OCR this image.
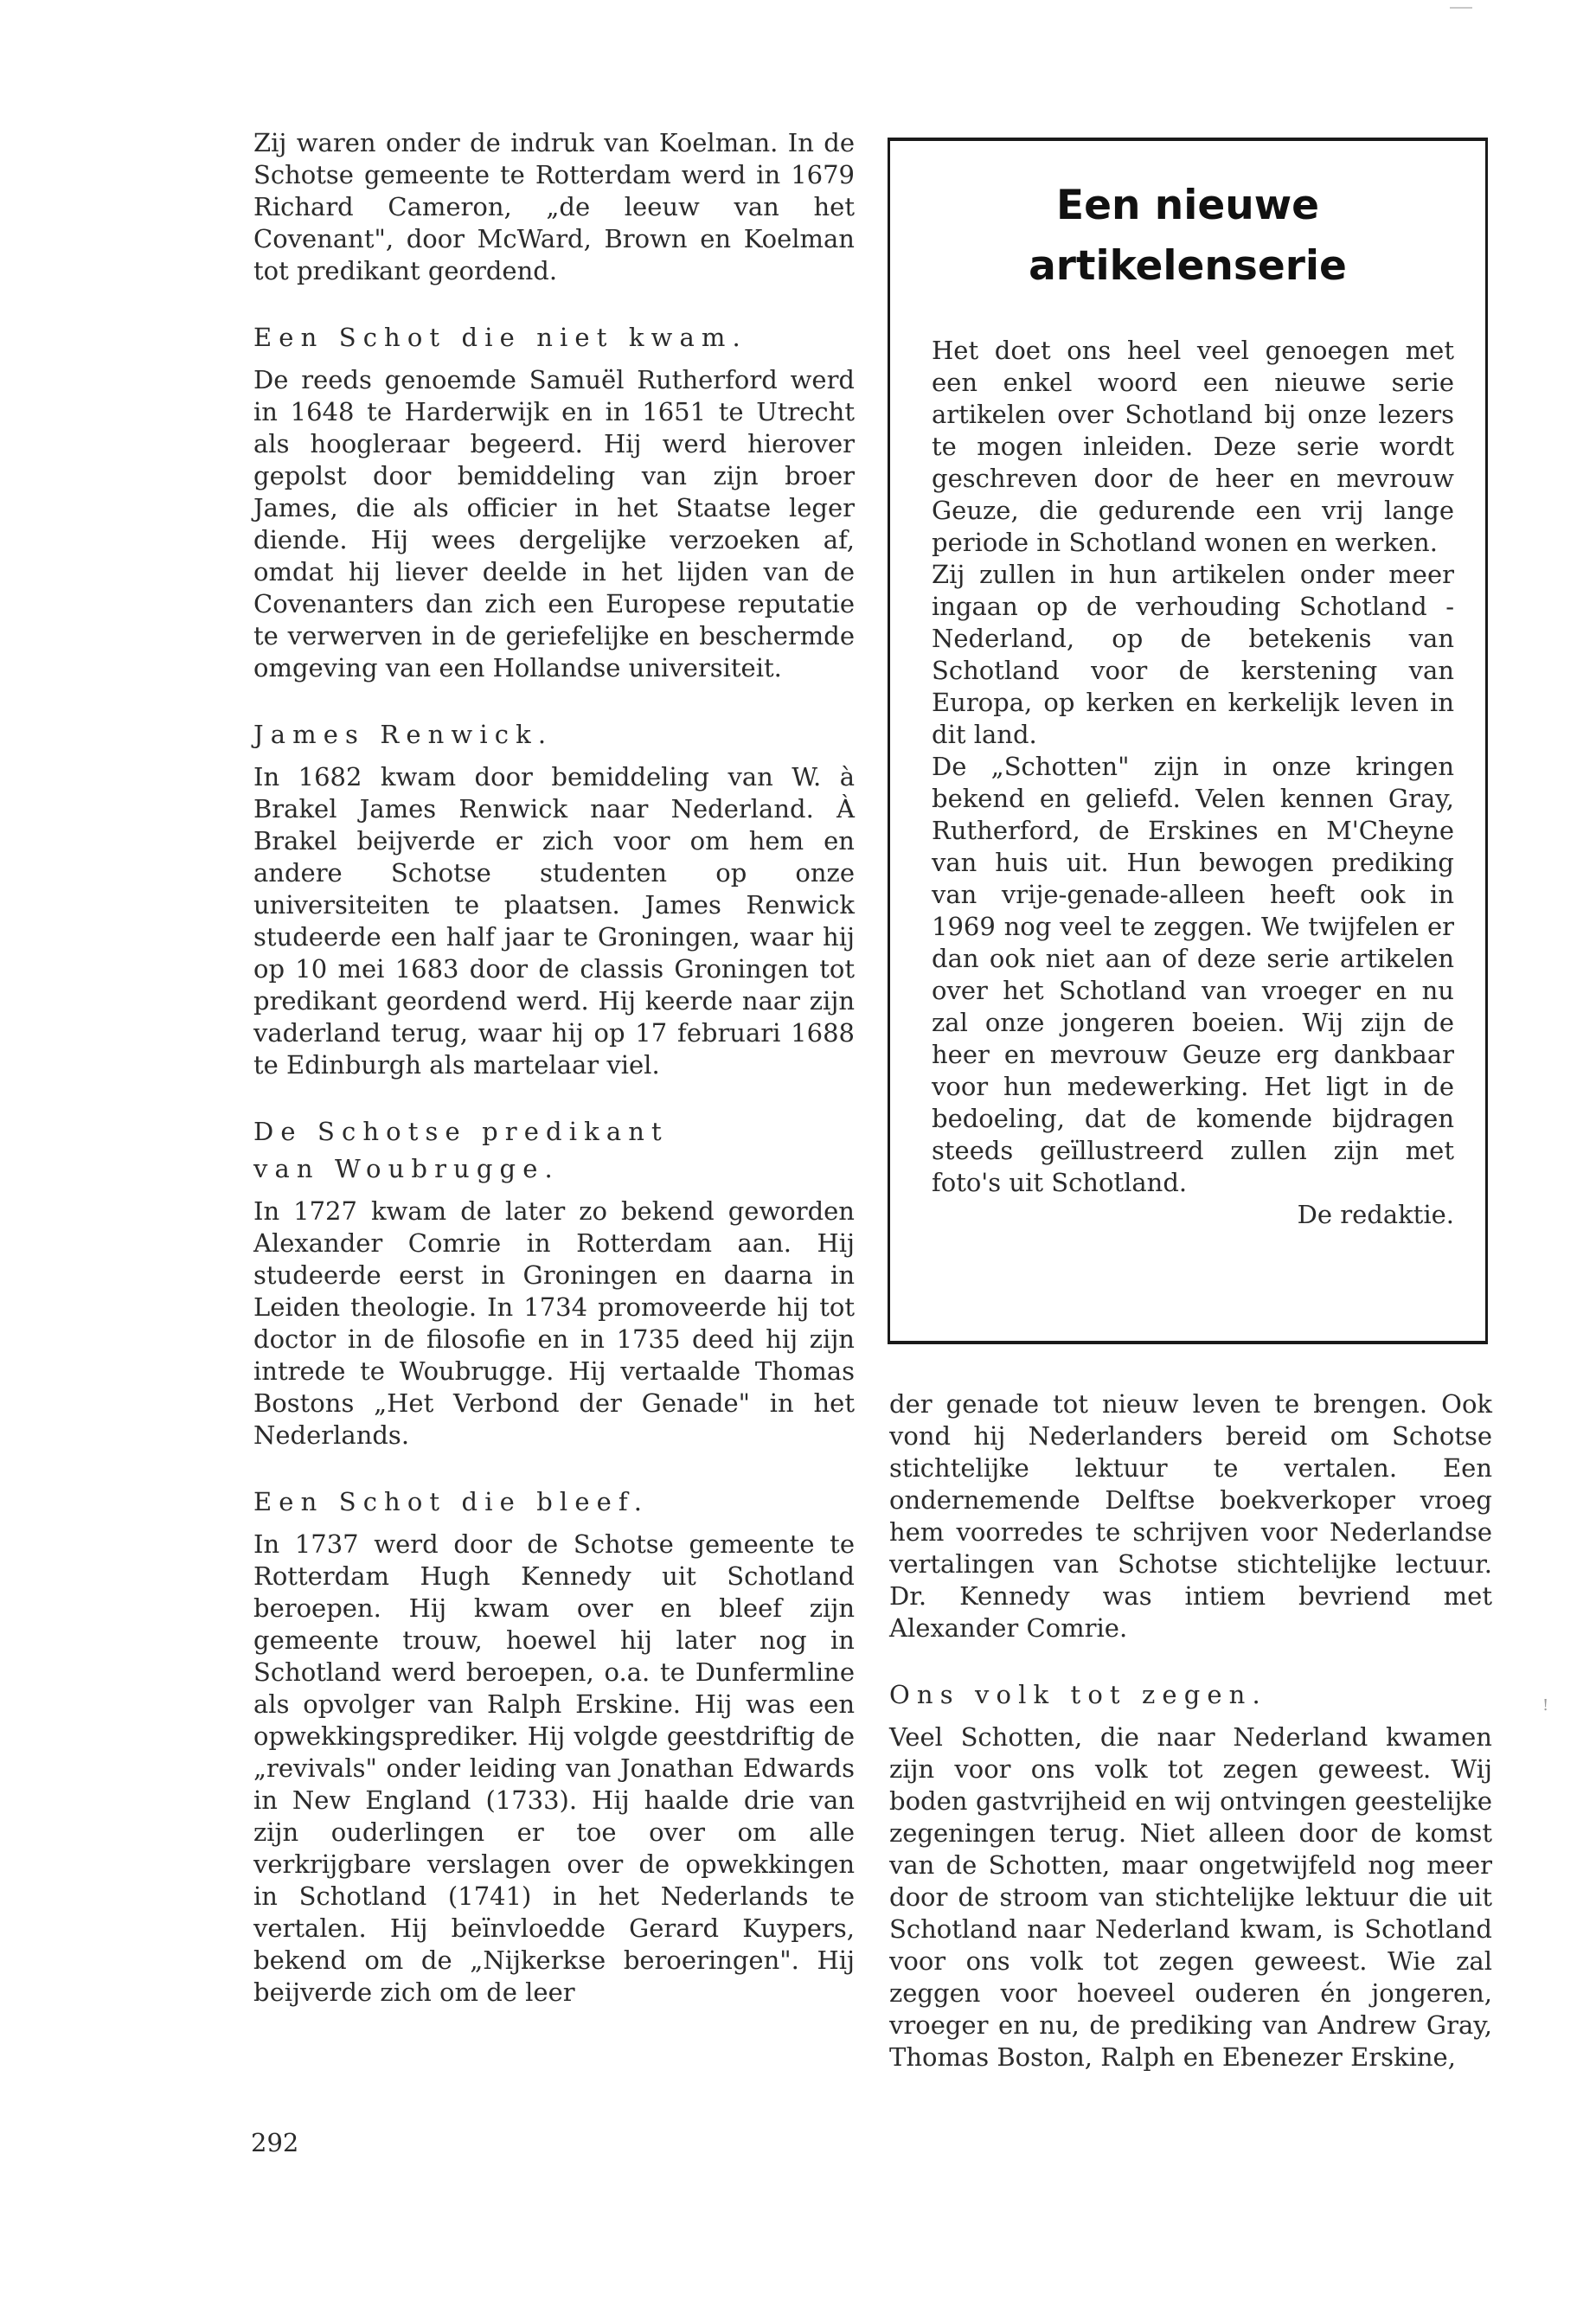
Zij waren onder de indruk van Koelman. In de Schotse gemeente te Rotterdam werd in 1679 Richard Cameron, „de leeuw van het Covenant", door McWard, Brown en Koelman tot predikant geordend.

Een Schot die niet kwam.

De reeds genoemde Samuël Rutherford werd in 1648 te Harderwijk en in 1651 te Utrecht als hoogleraar begeerd. Hij werd hierover gepolst door bemiddeling van zijn broer James, die als officier in het Staatse leger diende. Hij wees dergelijke verzoeken af, omdat hij liever deelde in het lijden van de Covenanters dan zich een Europese reputatie te verwerven in de geriefelijke en beschermde omgeving van een Hollandse universiteit.

James Renwick.

In 1682 kwam door bemiddeling van W. à Brakel James Renwick naar Nederland. À Brakel beijverde er zich voor om hem en andere Schotse studenten op onze universiteiten te plaatsen. James Renwick studeerde een half jaar te Groningen, waar hij op 10 mei 1683 door de classis Groningen tot predikant geordend werd. Hij keerde naar zijn vaderland terug, waar hij op 17 februari 1688 te Edinburgh als martelaar viel.

De Schotse predikant
van Woubrugge.

In 1727 kwam de later zo bekend geworden Alexander Comrie in Rotterdam aan. Hij studeerde eerst in Groningen en daarna in Leiden theologie. In 1734 promoveerde hij tot doctor in de filosofie en in 1735 deed hij zijn intrede te Woubrugge. Hij vertaalde Thomas Bostons „Het Verbond der Genade" in het Nederlands.

Een Schot die bleef.

In 1737 werd door de Schotse gemeente te Rotterdam Hugh Kennedy uit Schotland beroepen. Hij kwam over en bleef zijn gemeente trouw, hoewel hij later nog in Schotland werd beroepen, o.a. te Dunfermline als opvolger van Ralph Erskine. Hij was een opwekkingsprediker. Hij volgde geestdriftig de „revivals" onder leiding van Jonathan Edwards in New England (1733). Hij haalde drie van zijn ouderlingen er toe over om alle verkrijgbare verslagen over de opwekkingen in Schotland (1741) in het Nederlands te vertalen. Hij beïnvloedde Gerard Kuypers, bekend om de „Nijkerkse beroeringen". Hij beijverde zich om de leer

Een nieuwe
artikelenserie

Het doet ons heel veel genoegen met een enkel woord een nieuwe serie artikelen over Schotland bij onze lezers te mogen inleiden. Deze serie wordt geschreven door de heer en mevrouw Geuze, die gedurende een vrij lange periode in Schotland wonen en werken.

Zij zullen in hun artikelen onder meer ingaan op de verhouding Schotland - Nederland, op de betekenis van Schotland voor de kerstening van Europa, op kerken en kerkelijk leven in dit land.

De „Schotten" zijn in onze kringen bekend en geliefd. Velen kennen Gray, Rutherford, de Erskines en M'Cheyne van huis uit. Hun bewogen prediking van vrije-genade-alleen heeft ook in 1969 nog veel te zeggen. We twijfelen er dan ook niet aan of deze serie artikelen over het Schotland van vroeger en nu zal onze jongeren boeien. Wij zijn de heer en mevrouw Geuze erg dankbaar voor hun medewerking. Het ligt in de bedoeling, dat de komende bijdragen steeds geïllustreerd zullen zijn met foto's uit Schotland.

De redaktie.

der genade tot nieuw leven te brengen. Ook vond hij Nederlanders bereid om Schotse stichtelijke lektuur te vertalen. Een ondernemende Delftse boekverkoper vroeg hem voorredes te schrijven voor Nederlandse vertalingen van Schotse stichtelijke lectuur. Dr. Kennedy was intiem bevriend met Alexander Comrie.

Ons volk tot zegen.

Veel Schotten, die naar Nederland kwamen zijn voor ons volk tot zegen geweest. Wij boden gastvrijheid en wij ontvingen geestelijke zegeningen terug. Niet alleen door de komst van de Schotten, maar ongetwijfeld nog meer door de stroom van stichtelijke lektuur die uit Schotland naar Nederland kwam, is Schotland voor ons volk tot zegen geweest. Wie zal zeggen voor hoeveel ouderen én jongeren, vroeger en nu, de prediking van Andrew Gray, Thomas Boston, Ralph en Ebenezer Erskine,

!
292
